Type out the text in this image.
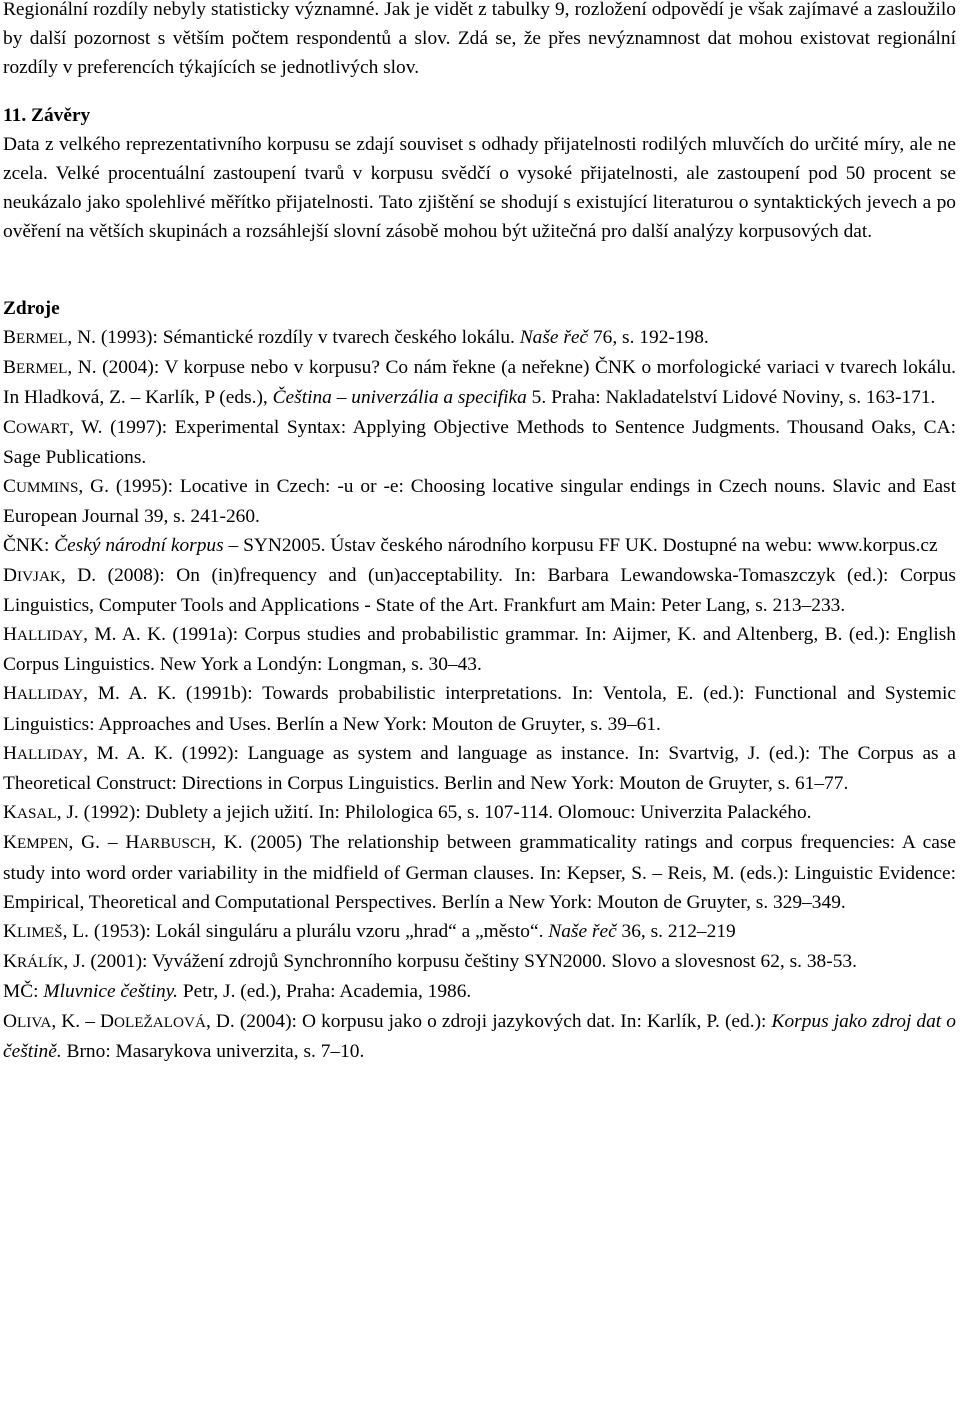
Regionální rozdíly nebyly statisticky významné. Jak je vidět z tabulky 9, rozložení odpovědí je však zajímavé a zasloužilo by další pozornost s větším počtem respondentů a slov. Zdá se, že přes nevýznamnost dat mohou existovat regionální rozdíly v preferencích týkajících se jednotlivých slov.

11. Závěry

Data z velkého reprezentativního korpusu se zdají souviset s odhady přijatelnosti rodilých mluvčích do určité míry, ale ne zcela. Velké procentuální zastoupení tvarů v korpusu svědčí o vysoké přijatelnosti, ale zastoupení pod 50 procent se neukázalo jako spolehlivé měřítko přijatelnosti. Tato zjištění se shodují s existující literaturou o syntaktických jevech a po ověření na větších skupinách a rozsáhlejší slovní zásobě mohou být užitečná pro další analýzy korpusových dat.

Zdroje
BERMEL, N. (1993): Sémantické rozdíly v tvarech českého lokálu. Naše řeč 76, s. 192-198.
BERMEL, N. (2004): V korpuse nebo v korpusu? Co nám řekne (a neřekne) ČNK o morfologické variaci v tvarech lokálu. In Hladková, Z. – Karlík, P (eds.), Čeština – univerzália a specifika 5. Praha: Nakladatelství Lidové Noviny, s. 163-171.
COWART, W. (1997): Experimental Syntax: Applying Objective Methods to Sentence Judgments. Thousand Oaks, CA: Sage Publications.
CUMMINS, G. (1995): Locative in Czech: -u or -e: Choosing locative singular endings in Czech nouns. Slavic and East European Journal 39, s. 241-260.
ČNK: Český národní korpus – SYN2005. Ústav českého národního korpusu FF UK. Dostupné na webu: www.korpus.cz
DIVJAK, D. (2008): On (in)frequency and (un)acceptability. In: Barbara Lewandowska-Tomaszczyk (ed.): Corpus Linguistics, Computer Tools and Applications - State of the Art. Frankfurt am Main: Peter Lang, s. 213–233.
HALLIDAY, M. A. K. (1991a): Corpus studies and probabilistic grammar. In: Aijmer, K. and Altenberg, B. (ed.): English Corpus Linguistics. New York a Londýn: Longman, s. 30–43.
HALLIDAY, M. A. K. (1991b): Towards probabilistic interpretations. In: Ventola, E. (ed.): Functional and Systemic Linguistics: Approaches and Uses. Berlín a New York: Mouton de Gruyter, s. 39–61.
HALLIDAY, M. A. K. (1992): Language as system and language as instance. In: Svartvig, J. (ed.): The Corpus as a Theoretical Construct: Directions in Corpus Linguistics. Berlin and New York: Mouton de Gruyter, s. 61–77.
KASAL, J. (1992): Dublety a jejich užití. In: Philologica 65, s. 107-114. Olomouc: Univerzita Palackého.
KEMPEN, G. – HARBUSCH, K. (2005) The relationship between grammaticality ratings and corpus frequencies: A case study into word order variability in the midfield of German clauses. In: Kepser, S. – Reis, M. (eds.): Linguistic Evidence: Empirical, Theoretical and Computational Perspectives. Berlín a New York: Mouton de Gruyter, s. 329–349.
KLIMEŠ, L. (1953): Lokál singuláru a plurálu vzoru „hrad“ a „město“. Naše řeč 36, s. 212–219
KRÁLÍK, J. (2001): Vyvážení zdrojů Synchronního korpusu češtiny SYN2000. Slovo a slovesnost 62, s. 38-53.
MČ: Mluvnice češtiny. Petr, J. (ed.), Praha: Academia, 1986.
OLIVA, K. – DOLEŽALOVÁ, D. (2004): O korpusu jako o zdroji jazykových dat. In: Karlík, P. (ed.): Korpus jako zdroj dat o češtině. Brno: Masarykova univerzita, s. 7–10.
